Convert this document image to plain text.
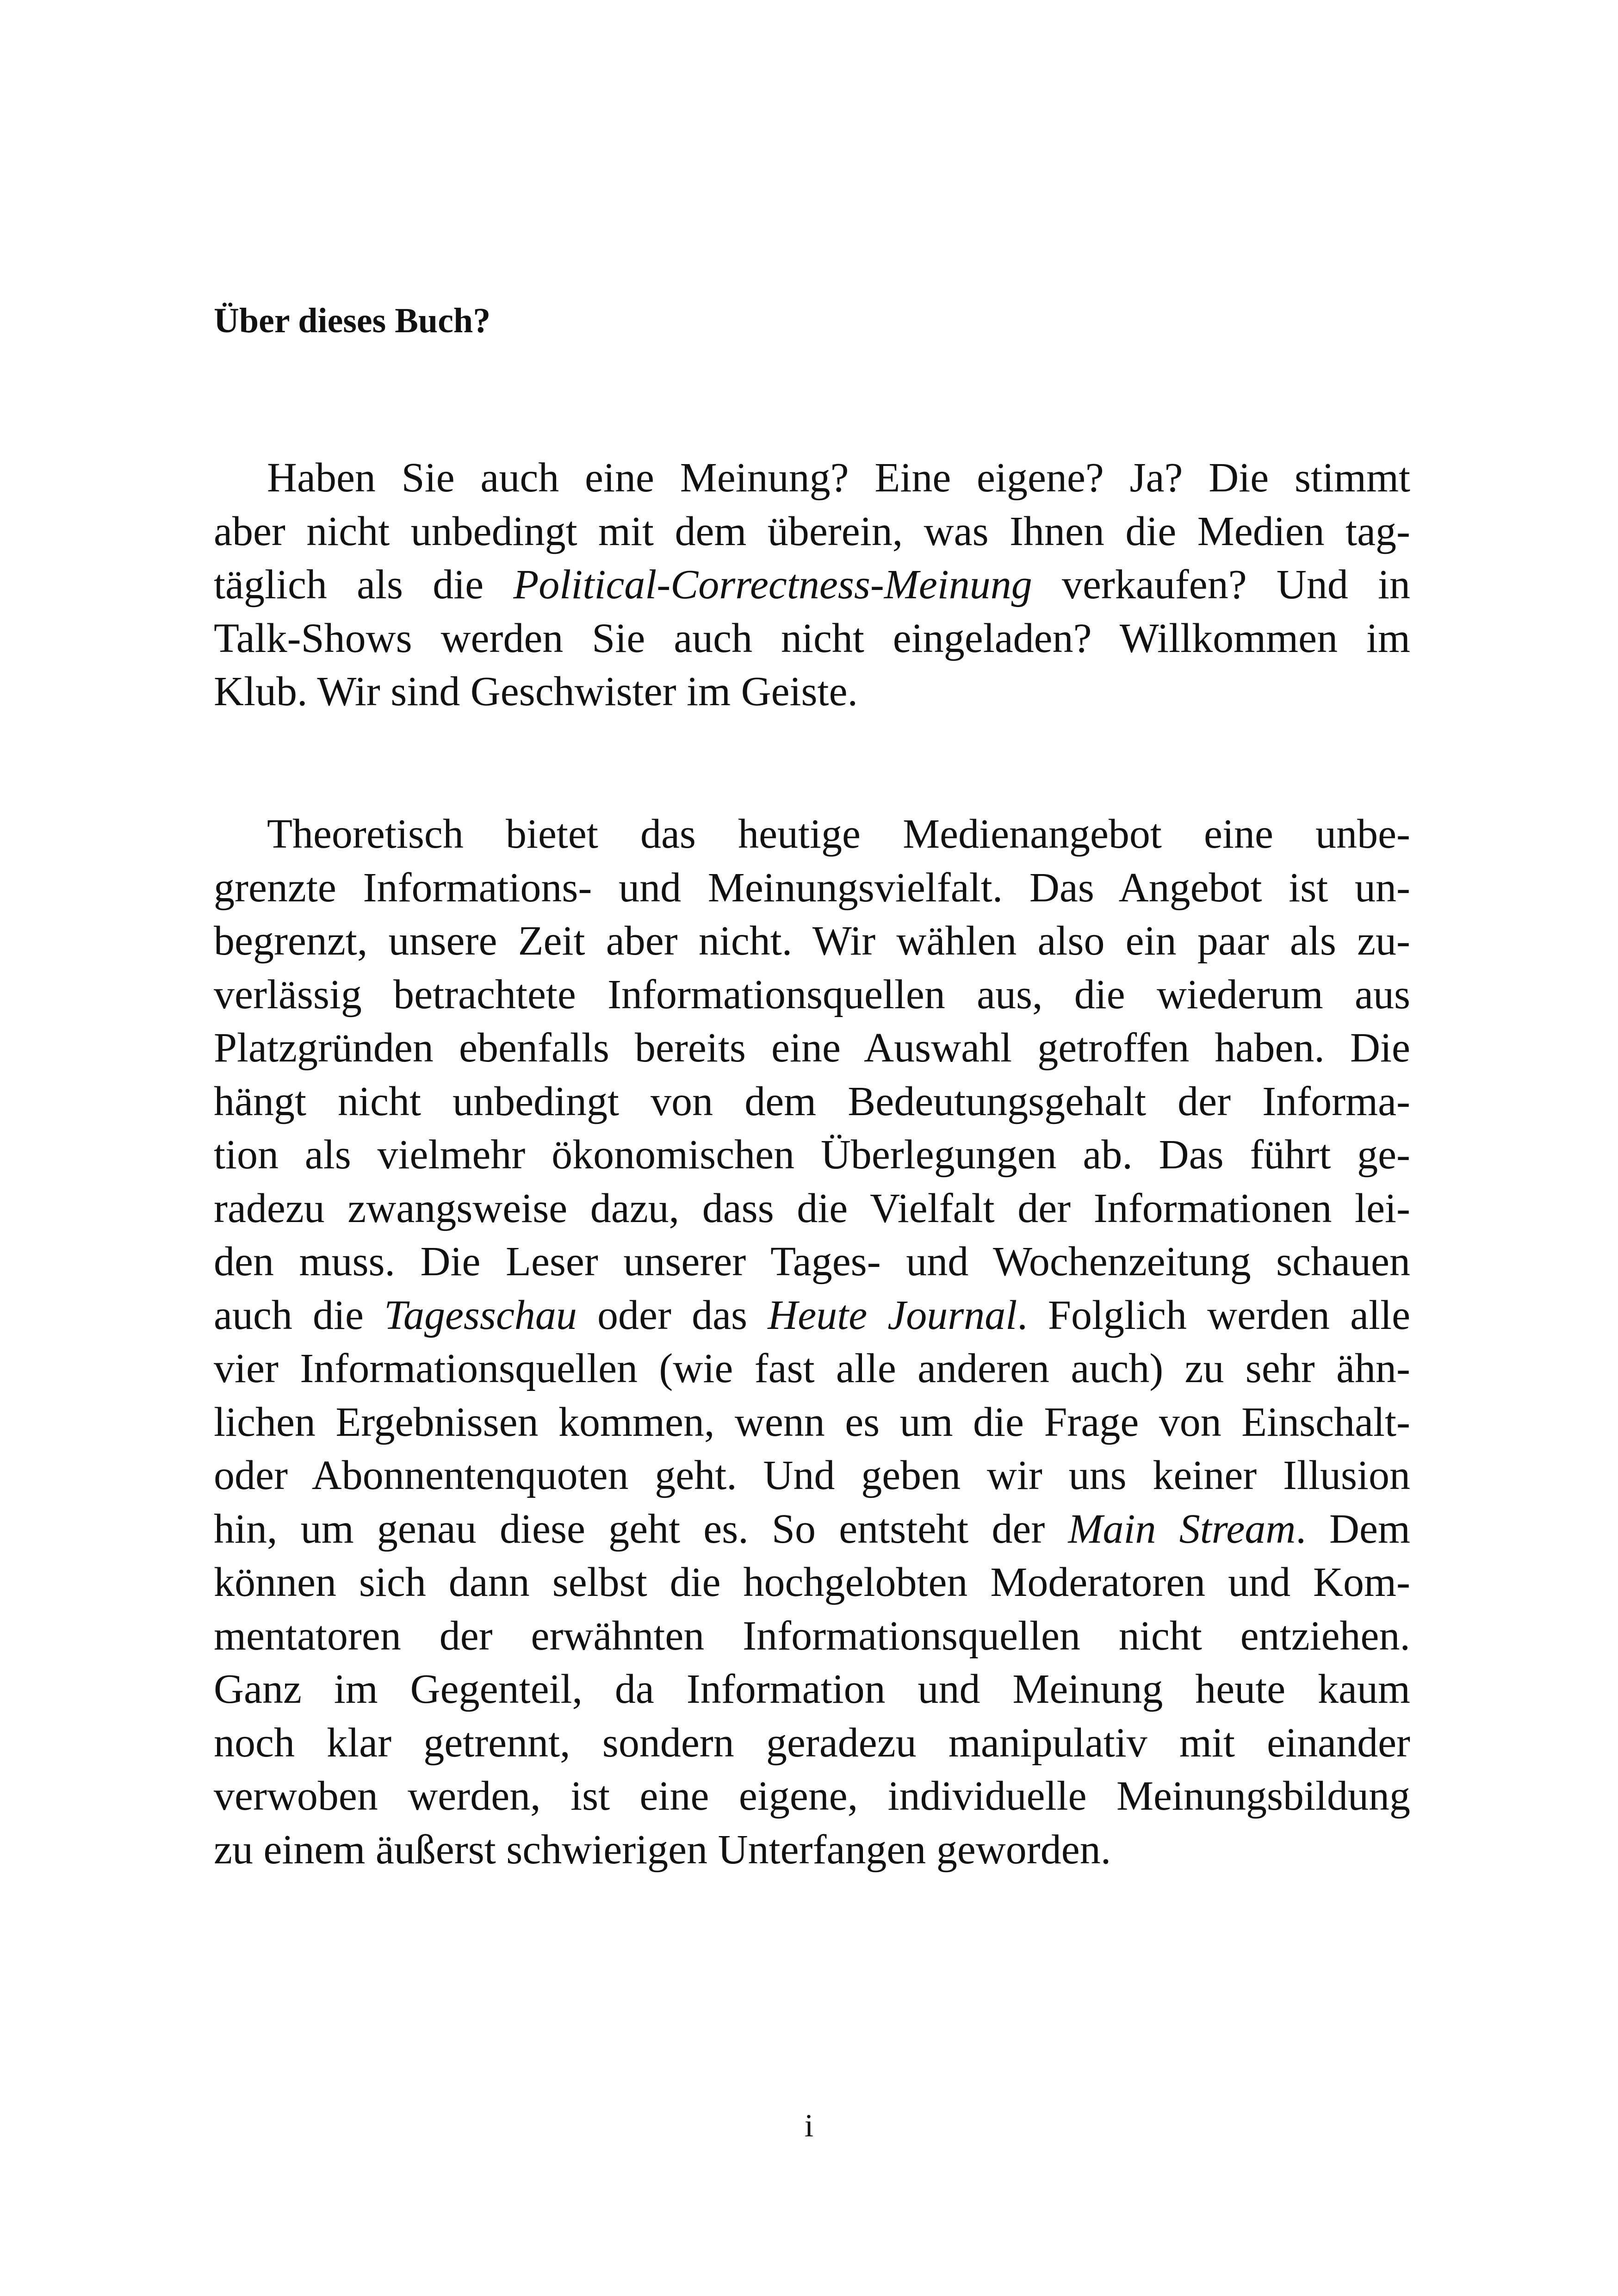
Über dieses Buch?
Haben Sie auch eine Meinung? Eine eigene? Ja? Die stimmt
aber nicht unbedingt mit dem überein, was Ihnen die Medien tag-
täglich als die Political-Correctness-Meinung verkaufen? Und in
Talk-Shows werden Sie auch nicht eingeladen? Willkommen im
Klub. Wir sind Geschwister im Geiste.
Theoretisch bietet das heutige Medienangebot eine unbe-
grenzte Informations- und Meinungsvielfalt. Das Angebot ist un-
begrenzt, unsere Zeit aber nicht. Wir wählen also ein paar als zu-
verlässig betrachtete Informationsquellen aus, die wiederum aus
Platzgründen ebenfalls bereits eine Auswahl getroffen haben. Die
hängt nicht unbedingt von dem Bedeutungsgehalt der Informa-
tion als vielmehr ökonomischen Überlegungen ab. Das führt ge-
radezu zwangsweise dazu, dass die Vielfalt der Informationen lei-
den muss. Die Leser unserer Tages- und Wochenzeitung schauen
auch die Tagesschau oder das Heute Journal. Folglich werden alle
vier Informationsquellen (wie fast alle anderen auch) zu sehr ähn-
lichen Ergebnissen kommen, wenn es um die Frage von Einschalt-
oder Abonnentenquoten geht. Und geben wir uns keiner Illusion
hin, um genau diese geht es. So entsteht der Main Stream. Dem
können sich dann selbst die hochgelobten Moderatoren und Kom-
mentatoren der erwähnten Informationsquellen nicht entziehen.
Ganz im Gegenteil, da Information und Meinung heute kaum
noch klar getrennt, sondern geradezu manipulativ mit einander
verwoben werden, ist eine eigene, individuelle Meinungsbildung
zu einem äußerst schwierigen Unterfangen geworden.
i
